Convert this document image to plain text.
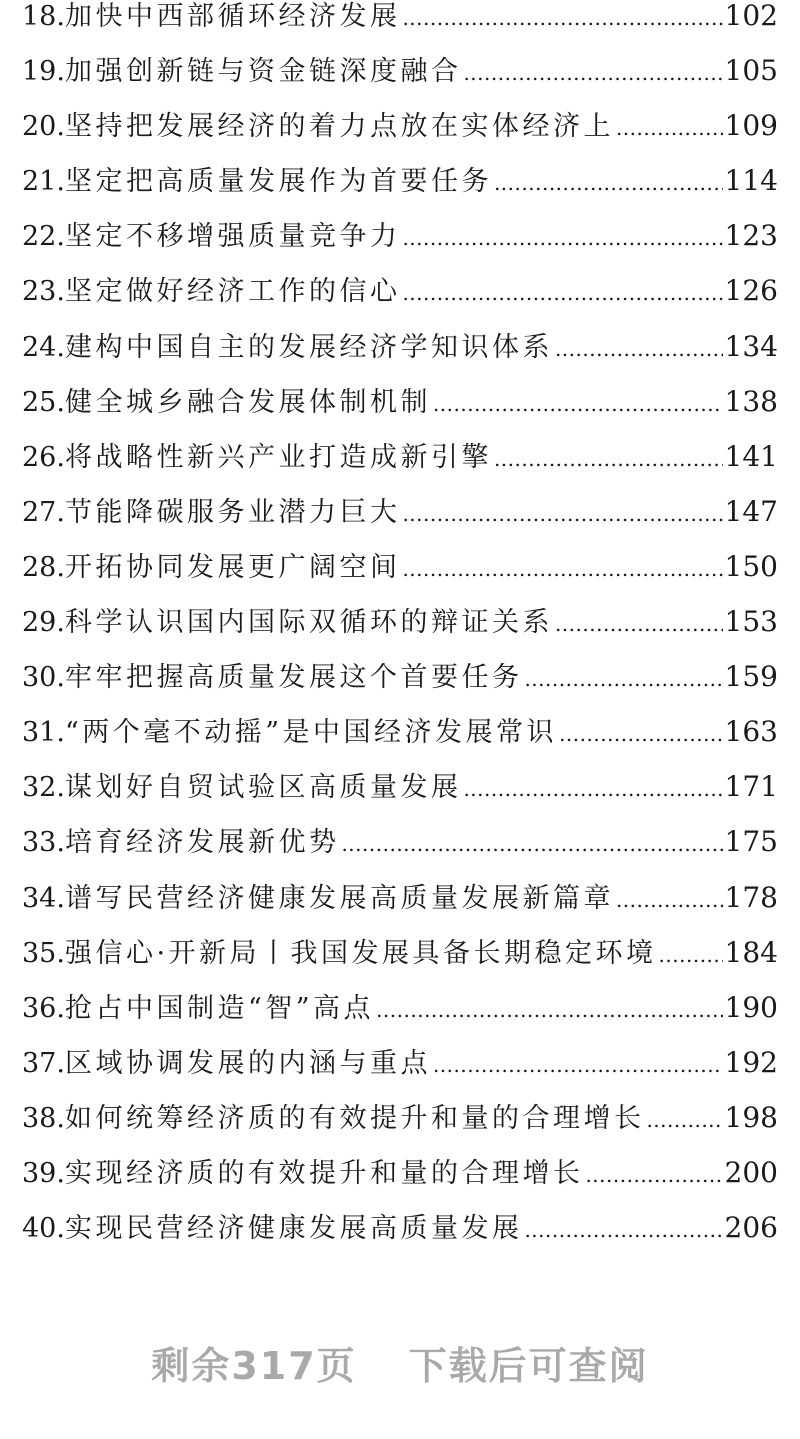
18. 加快中西部循环经济发展 .....	102
19. 加强创新链与资金链深度融合 .....	105
20. 坚持把发展经济的着力点放在实体经济上 .....	109
21. 坚定把高质量发展作为首要任务 .....	114
22. 坚定不移增强质量竞争力 .....	123
23. 坚定做好经济工作的信心 .....	126
24. 建构中国自主的发展经济学知识体系 .....	134
25. 健全城乡融合发展体制机制 .....	138
26. 将战略性新兴产业打造成新引擎 .....	141
27. 节能降碳服务业潜力巨大 .....	147
28. 开拓协同发展更广阔空间 .....	150
29. 科学认识国内国际双循环的辩证关系 .....	153
30. 牢牢把握高质量发展这个首要任务 .....	159
31. “两个毫不动摇”是中国经济发展常识 .....	163
32. 谋划好自贸试验区高质量发展 .....	171
33. 培育经济发展新优势 .....	175
34. 谱写民营经济健康发展高质量发展新篇章 .....	178
35. 强信心·开新局丨我国发展具备长期稳定环境 ..... 184
36. 抢占中国制造“智”高点 .....	190
37. 区域协调发展的内涵与重点 .....	192
38. 如何统筹经济质的有效提升和量的合理增长 .....	198
39. 实现经济质的有效提升和量的合理增长 .....	200
40. 实现民营经济健康发展高质量发展 .....	206
剩余317页 下载后可查阅
